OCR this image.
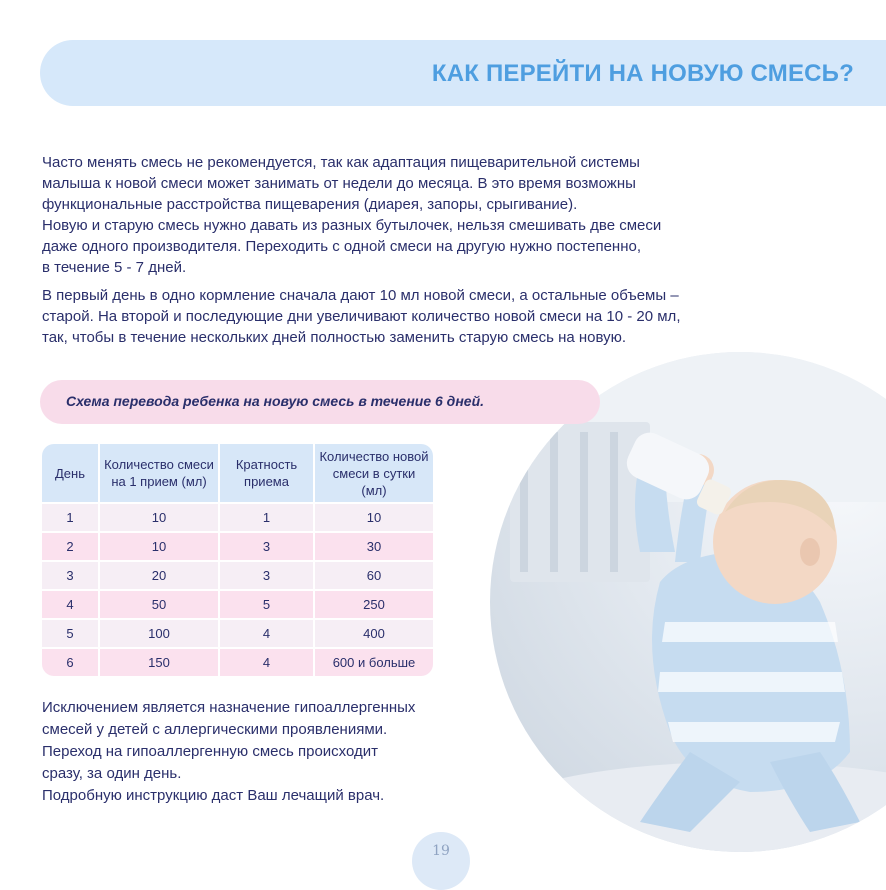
КАК ПЕРЕЙТИ НА НОВУЮ СМЕСЬ?
Часто менять смесь не рекомендуется, так как адаптация пищеварительной системы
малыша к новой смеси может занимать от недели до месяца. В это время возможны
функциональные расстройства пищеварения (диарея, запоры, срыгивание).
Новую и старую смесь нужно давать из разных бутылочек, нельзя смешивать две смеси
даже одного производителя. Переходить с одной смеси на другую нужно постепенно,
в течение 5 - 7 дней.
В первый день в одно кормление сначала дают 10 мл новой смеси, а остальные объемы –
старой. На второй и последующие дни увеличивают количество новой смеси на 10 - 20 мл,
так, чтобы в течение нескольких дней полностью заменить старую смесь на новую.
Схема перевода ребенка на новую смесь в течение 6 дней.
День	Количество смеси на 1 прием (мл)	Кратность приема	Количество новой смеси в сутки (мл)
1	10	1	10
2	10	3	30
3	20	3	60
4	50	5	250
5	100	4	400
6	150	4	600 и больше
Исключением является назначение гипоаллергенных
смесей у детей с аллергическими проявлениями.
Переход на гипоаллергенную смесь происходит
сразу, за один день.
Подробную инструкцию даст Ваш лечащий врач.
19
